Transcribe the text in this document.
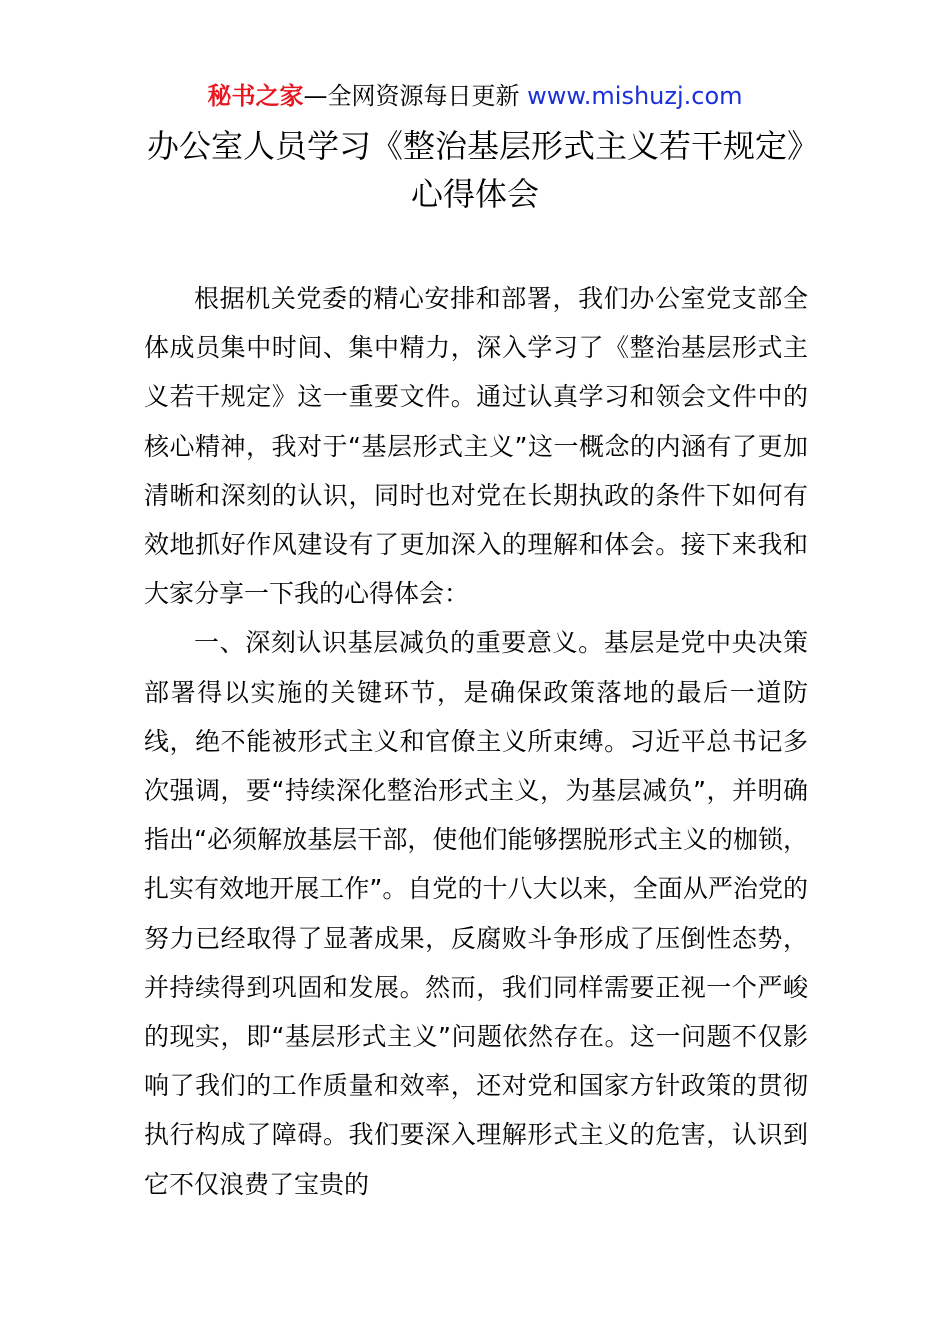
秘书之家—全网资源每日更新 www.mishuzj.com
办公室人员学习《整治基层形式主义若干规定》心得体会

根据机关党委的精心安排和部署，我们办公室党支部全体成员集中时间、集中精力，深入学习了《整治基层形式主义若干规定》这一重要文件。通过认真学习和领会文件中的核心精神，我对于“基层形式主义”这一概念的内涵有了更加清晰和深刻的认识，同时也对党在长期执政的条件下如何有效地抓好作风建设有了更加深入的理解和体会。接下来我和大家分享一下我的心得体会：

一、深刻认识基层减负的重要意义。基层是党中央决策部署得以实施的关键环节，是确保政策落地的最后一道防线，绝不能被形式主义和官僚主义所束缚。习近平总书记多次强调，要“持续深化整治形式主义，为基层减负”，并明确指出“必须解放基层干部，使他们能够摆脱形式主义的枷锁，扎实有效地开展工作”。自党的十八大以来，全面从严治党的努力已经取得了显著成果，反腐败斗争形成了压倒性态势，并持续得到巩固和发展。然而，我们同样需要正视一个严峻的现实，即“基层形式主义”问题依然存在。这一问题不仅影响了我们的工作质量和效率，还对党和国家方针政策的贯彻执行构成了障碍。我们要深入理解形式主义的危害，认识到它不仅浪费了宝贵的
